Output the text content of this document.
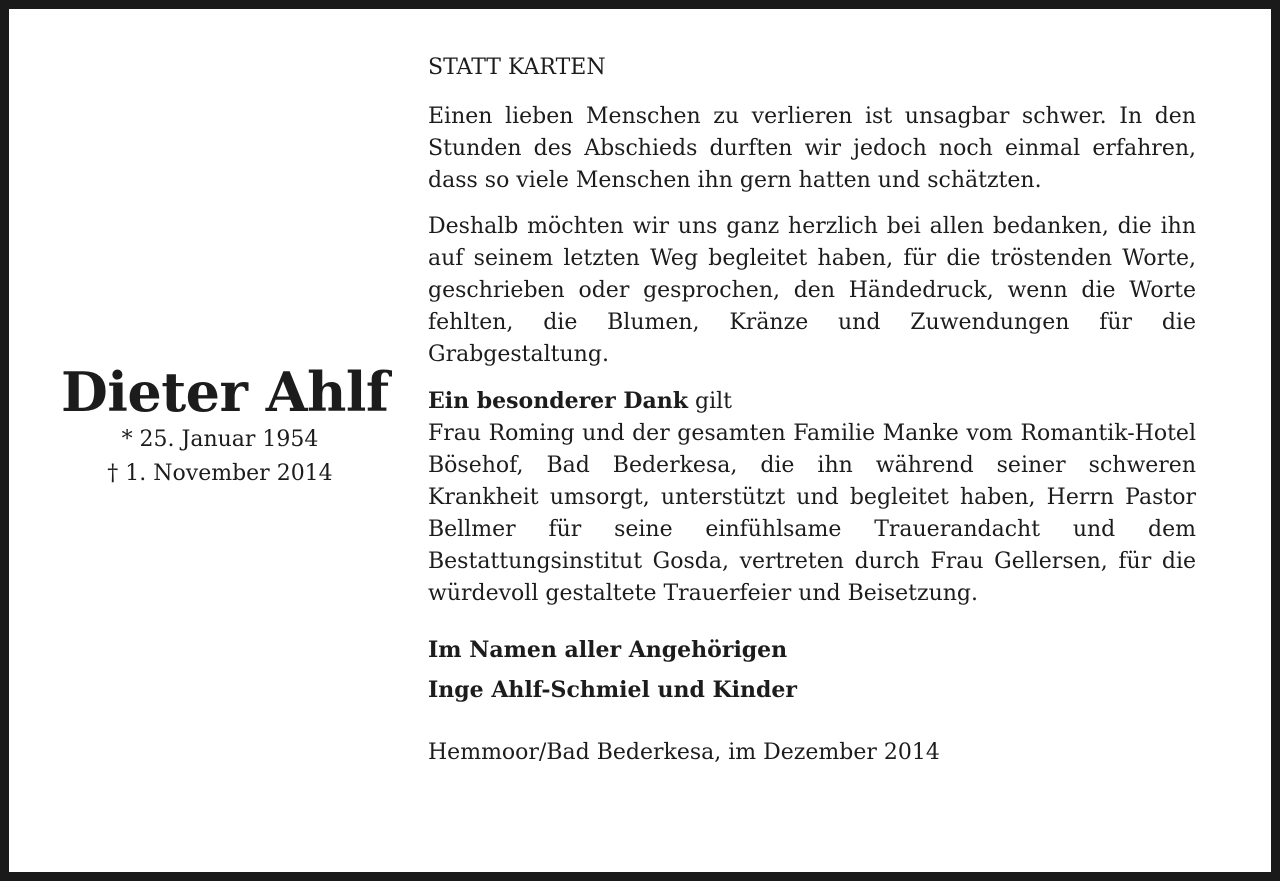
Dieter Ahlf
* 25. Januar 1954
† 1. November 2014

STATT KARTEN

Einen lieben Menschen zu verlieren ist unsagbar schwer. In den Stunden des Abschieds durften wir jedoch noch einmal erfahren, dass so viele Menschen ihn gern hatten und schätzten.

Deshalb möchten wir uns ganz herzlich bei allen bedanken, die ihn auf seinem letzten Weg begleitet haben, für die tröstenden Worte, geschrieben oder gesprochen, den Händedruck, wenn die Worte fehlten, die Blumen, Kränze und Zuwendungen für die Grabgestaltung.

Ein besonderer Dank gilt

Frau Roming und der gesamten Familie Manke vom Romantik-Hotel Bösehof, Bad Bederkesa, die ihn während seiner schweren Krankheit umsorgt, unterstützt und begleitet haben, Herrn Pastor Bellmer für seine einfühlsame Trauerandacht und dem Bestattungsinstitut Gosda, vertreten durch Frau Gellersen, für die würdevoll gestaltete Trauerfeier und Beisetzung.

Im Namen aller Angehörigen

Inge Ahlf-Schmiel und Kinder

Hemmoor/Bad Bederkesa, im Dezember 2014
